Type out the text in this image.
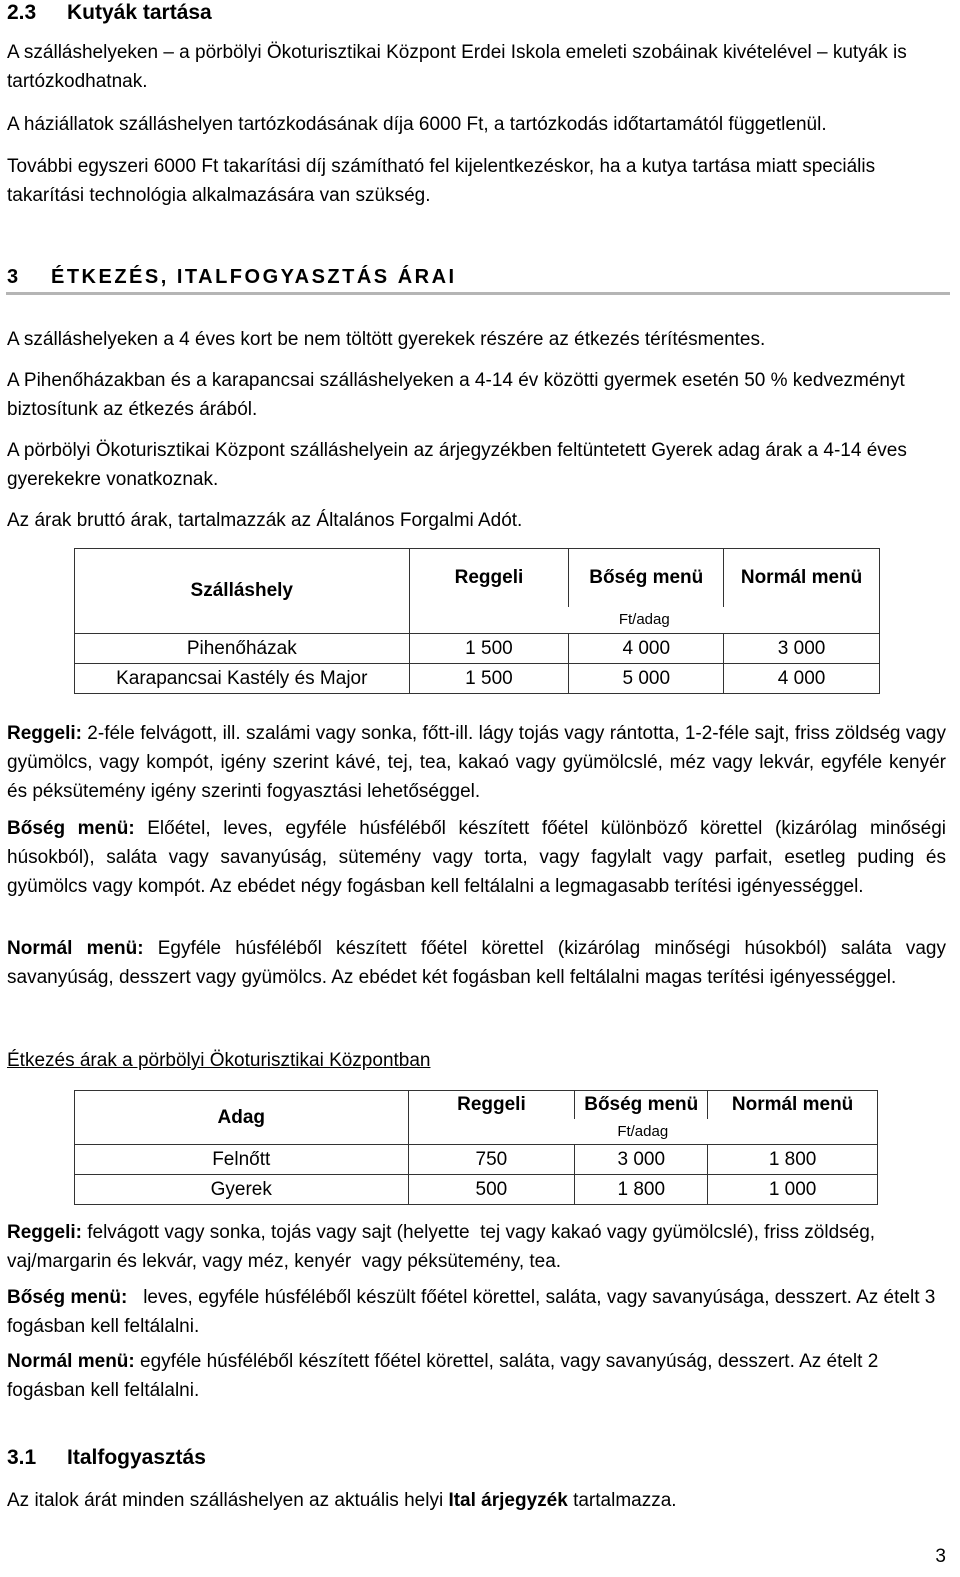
2.3 Kutyák tartása

A szálláshelyeken – a pörbölyi Ökoturisztikai Központ Erdei Iskola emeleti szobáinak kivételével – kutyák is tartózkodhatnak.

A háziállatok szálláshelyen tartózkodásának díja 6000 Ft, a tartózkodás időtartamától függetlenül.

További egyszeri 6000 Ft takarítási díj számítható fel kijelentkezéskor, ha a kutya tartása miatt speciális takarítási technológia alkalmazására van szükség.

3 ÉTKEZÉS, ITALFOGYASZTÁS ÁRAI

A szálláshelyeken a 4 éves kort be nem töltött gyerekek részére az étkezés térítésmentes.

A Pihenőházakban és a karapancsai szálláshelyeken a 4-14 év közötti gyermek esetén 50 % kedvezményt biztosítunk az étkezés árából.

A pörbölyi Ökoturisztikai Központ szálláshelyein az árjegyzékben feltüntetett Gyerek adag árak a 4-14 éves gyerekekre vonatkoznak.

Az árak bruttó árak, tartalmazzák az Általános Forgalmi Adót.

Szálláshely	Reggeli	Bőség menü	Normál menü
	Ft/adag		
Pihenőházak	1 500	4 000	3 000
Karapancsai Kastély és Major	1 500	5 000	4 000

Reggeli: 2-féle felvágott, ill. szalámi vagy sonka, főtt-ill. lágy tojás vagy rántotta, 1-2-féle sajt, friss zöldség vagy gyümölcs, vagy kompót, igény szerint kávé, tej, tea, kakaó vagy gyümölcslé, méz vagy lekvár, egyféle kenyér és péksütemény igény szerinti fogyasztási lehetőséggel.

Bőség menü: Előétel, leves, egyféle húsféléből készített főétel különböző körettel (kizárólag minőségi húsokból), saláta vagy savanyúság, sütemény vagy torta, vagy fagylalt vagy parfait, esetleg puding és gyümölcs vagy kompót. Az ebédet négy fogásban kell feltálalni a legmagasabb terítési igényességgel.

Normál menü: Egyféle húsféléből készített főétel körettel (kizárólag minőségi húsokból) saláta vagy savanyúság, desszert vagy gyümölcs. Az ebédet két fogásban kell feltálalni magas terítési igényességgel.

Étkezés árak a pörbölyi Ökoturisztikai Központban

Adag	Reggeli	Bőség menü	Normál menü
	Ft/adag		
Felnőtt	750	3 000	1 800
Gyerek	500	1 800	1 000

Reggeli: felvágott vagy sonka, tojás vagy sajt (helyette  tej vagy kakaó vagy gyümölcslé), friss zöldség, vaj/margarin és lekvár, vagy méz, kenyér  vagy péksütemény, tea.

Bőség menü:   leves, egyféle húsféléből készült főétel körettel, saláta, vagy savanyúsága, desszert. Az ételt 3 fogásban kell feltálalni.

Normál menü: egyféle húsféléből készített főétel körettel, saláta, vagy savanyúság, desszert. Az ételt 2 fogásban kell feltálalni.

3.1 Italfogyasztás

Az italok árát minden szálláshelyen az aktuális helyi Ital árjegyzék tartalmazza.

3
